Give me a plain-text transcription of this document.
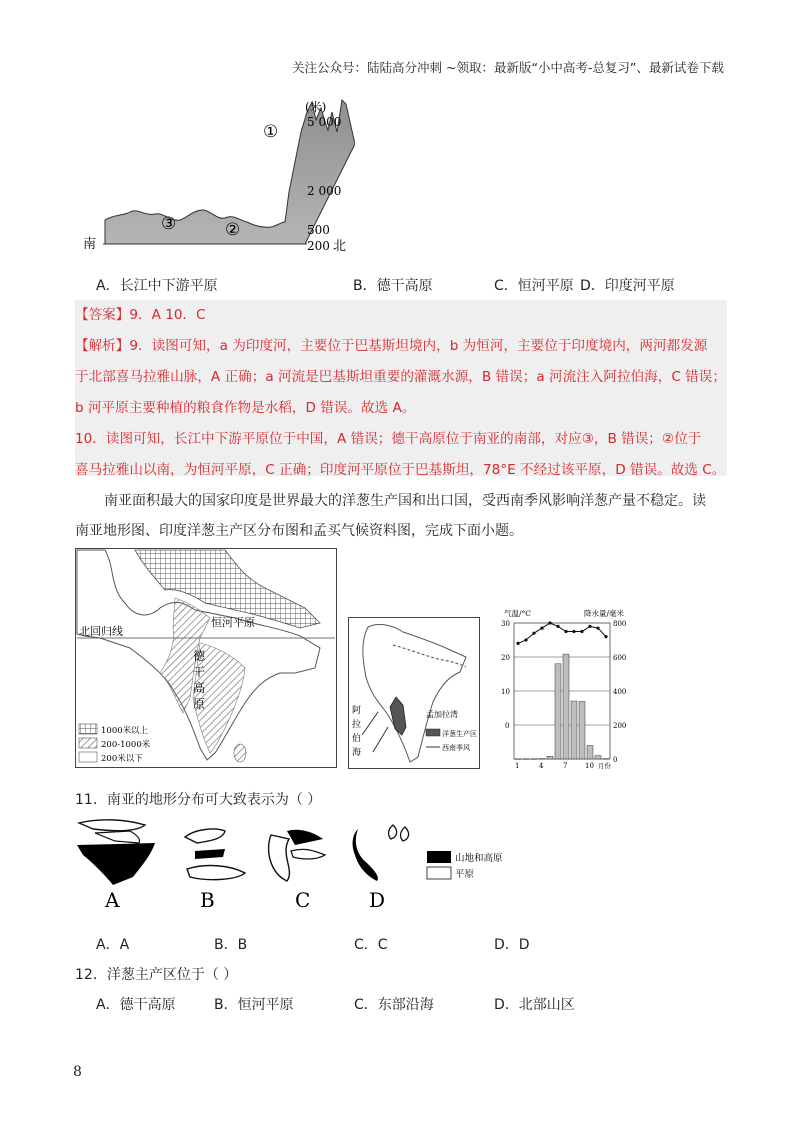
关注公众号：陆陆高分冲刺 ~领取：最新版“小中高考-总复习”、最新试卷下载
南
(米)
5 000
2 000
500
200 北
①
②
③
A．长江中下游平原	B．德干高原	C．恒河平原 D．印度河平原
【答案】9．A 10．C
【解析】9．读图可知，a 为印度河，主要位于巴基斯坦境内，b 为恒河，主要位于印度境内，两河都发源
于北部喜马拉雅山脉，A 正确；a 河流是巴基斯坦重要的灌溉水源，B 错误；a 河流注入阿拉伯海，C 错误；
b 河平原主要种植的粮食作物是水稻，D 错误。故选 A。
10．读图可知，长江中下游平原位于中国，A 错误；德干高原位于南亚的南部，对应③，B 错误；②位于
喜马拉雅山以南，为恒河平原，C 正确；印度河平原位于巴基斯坦，78°E 不经过该平原，D 错误。故选 C。
南亚面积最大的国家印度是世界最大的洋葱生产国和出口国，受西南季风影响洋葱产量不稳定。读
南亚地形图、印度洋葱主产区分布图和孟买气候资料图，完成下面小题。
北回归线
恒河平原
德
干
高
原
1000米以上
200-1000米
200米以下
阿
拉
伯
海
孟加拉湾
洋葱生产区
西南季风
气温/°C	降水量/毫米
30
20
10
0
800
600
400
200
0
1	4	7	10 月份
11．南亚的地形分布可大致表示为（ ）
A	B	C	D
山地和高原
平原
A．A	B．B	C．C	D．D
12．洋葱主产区位于（ ）
A．德干高原	B．恒河平原	C．东部沿海	D．北部山区
8
